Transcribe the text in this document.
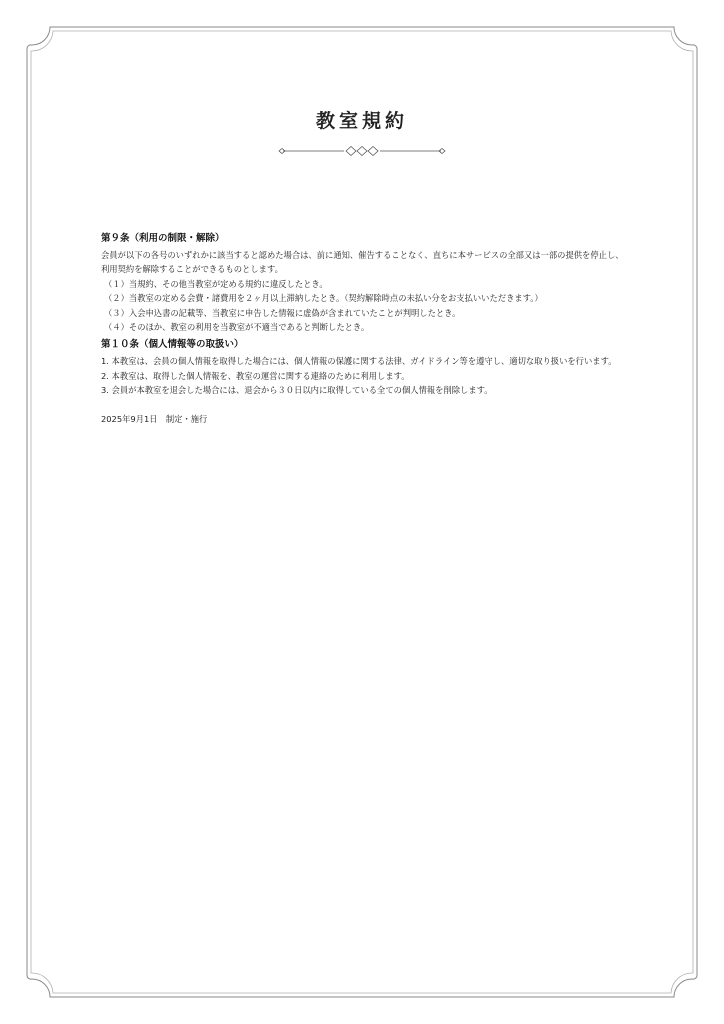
教室規約
第９条（利用の制限・解除）

会員が以下の各号のいずれかに該当すると認めた場合は、前に通知、催告することなく、直ちに本サービスの全部又は一部の提供を停止し、利用契約を解除することができるものとします。

（１）当規約、その他当教室が定める規約に違反したとき。

（２）当教室の定める会費・諸費用を２ヶ月以上滞納したとき。（契約解除時点の未払い分をお支払いいただきます。）

（３）入会申込書の記載等、当教室に申告した情報に虚偽が含まれていたことが判明したとき。

（４）そのほか、教室の利用を当教室が不適当であると判断したとき。

第１０条（個人情報等の取扱い）

1. 本教室は、会員の個人情報を取得した場合には、個人情報の保護に関する法律、ガイドライン等を遵守し、適切な取り扱いを行います。

2. 本教室は、取得した個人情報を、教室の運営に関する連絡のために利用します。

3. 会員が本教室を退会した場合には、退会から３０日以内に取得している全ての個人情報を削除します。

2025年9月1日　制定・施行
